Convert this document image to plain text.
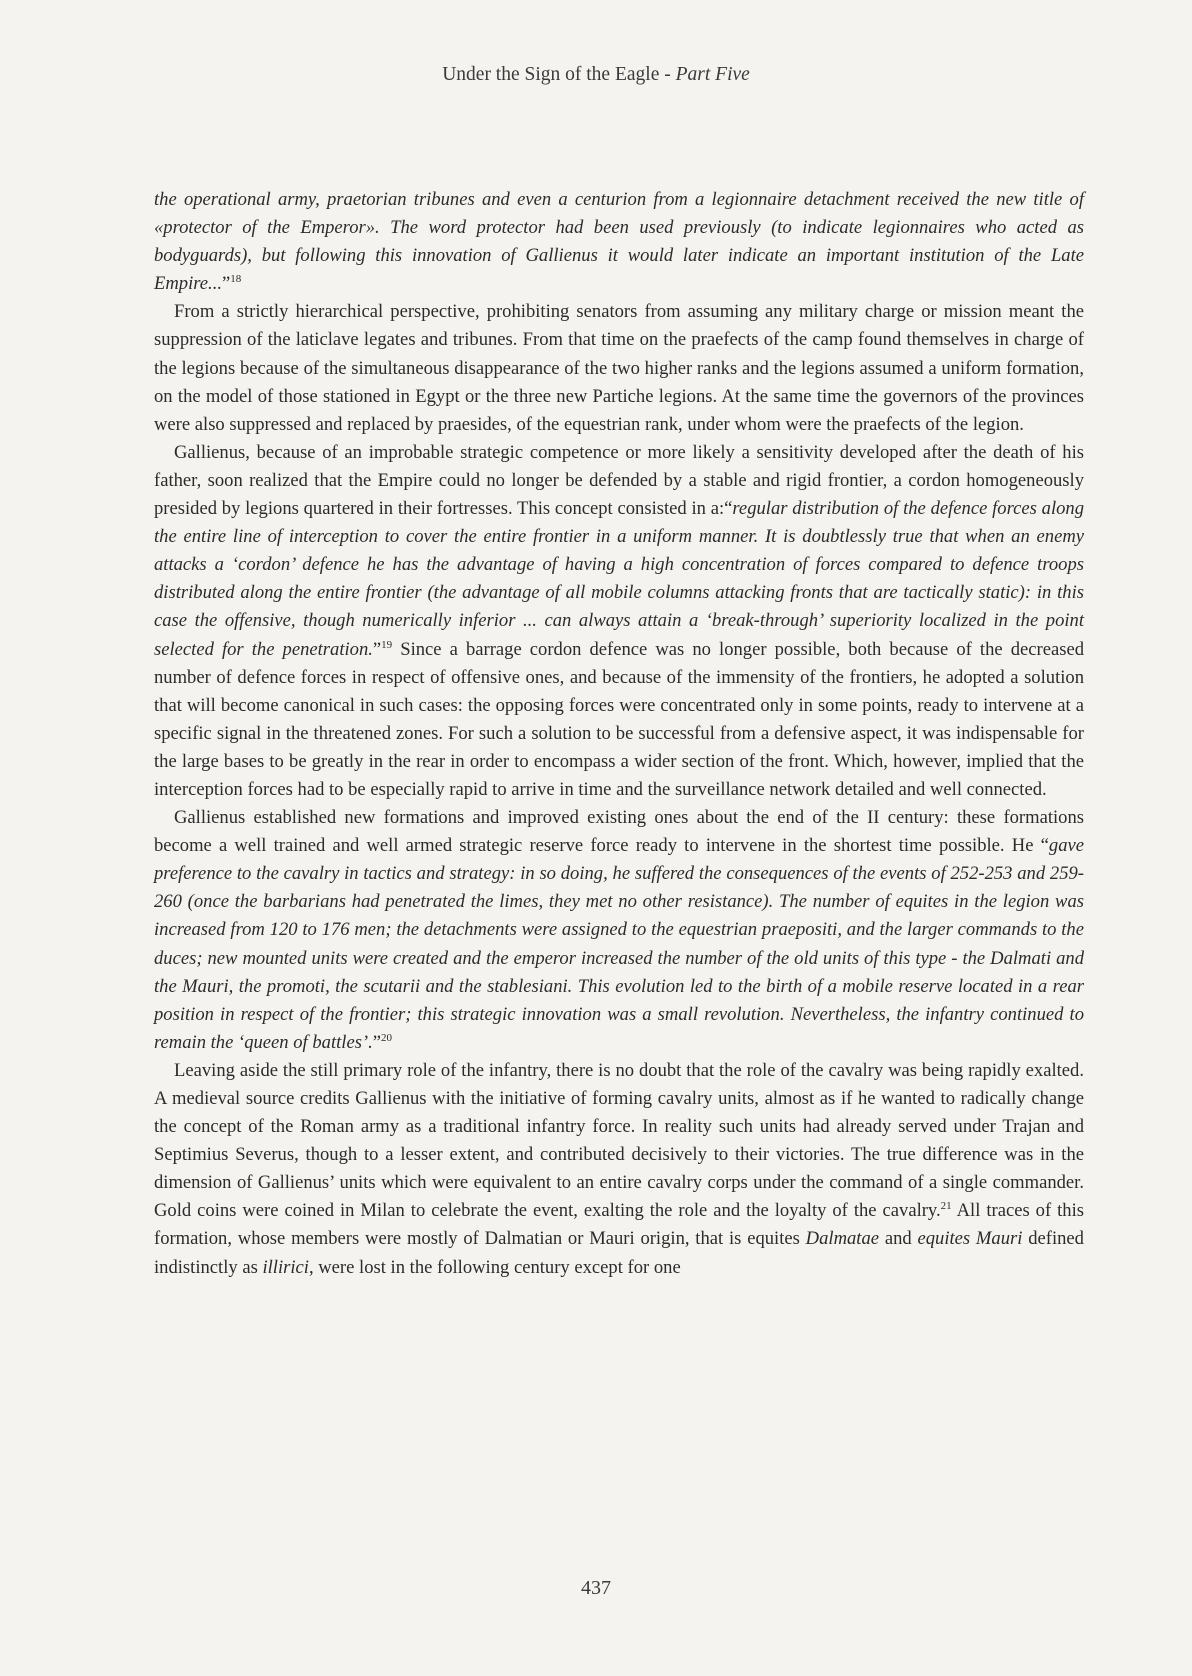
Under the Sign of the Eagle - Part Five

the operational army, praetorian tribunes and even a centurion from a legionnaire detachment received the new title of «protector of the Emperor». The word protector had been used previously (to indicate legionnaires who acted as bodyguards), but following this innovation of Gallienus it would later indicate an important institution of the Late Empire...”$^{18}$

From a strictly hierarchical perspective, prohibiting senators from assuming any military charge or mission meant the suppression of the laticlave legates and tribunes. From that time on the praefects of the camp found themselves in charge of the legions because of the simultaneous disappearance of the two higher ranks and the legions assumed a uniform formation, on the model of those stationed in Egypt or the three new Partiche legions. At the same time the governors of the provinces were also suppressed and replaced by praesides, of the equestrian rank, under whom were the praefects of the legion.

Gallienus, because of an improbable strategic competence or more likely a sensitivity developed after the death of his father, soon realized that the Empire could no longer be defended by a stable and rigid frontier, a cordon homogeneously presided by legions quartered in their fortresses. This concept consisted in a:“regular distribution of the defence forces along the entire line of interception to cover the entire frontier in a uniform manner. It is doubtlessly true that when an enemy attacks a ‘cordon’ defence he has the advantage of having a high concentration of forces compared to defence troops distributed along the entire frontier (the advantage of all mobile columns attacking fronts that are tactically static): in this case the offensive, though numerically inferior ... can always attain a ‘break-through’ superiority localized in the point selected for the penetration.”$^{19}$ Since a barrage cordon defence was no longer possible, both because of the decreased number of defence forces in respect of offensive ones, and because of the immensity of the frontiers, he adopted a solution that will become canonical in such cases: the opposing forces were concentrated only in some points, ready to intervene at a specific signal in the threatened zones. For such a solution to be successful from a defensive aspect, it was indispensable for the large bases to be greatly in the rear in order to encompass a wider section of the front. Which, however, implied that the interception forces had to be especially rapid to arrive in time and the surveillance network detailed and well connected.

Gallienus established new formations and improved existing ones about the end of the II century: these formations become a well trained and well armed strategic reserve force ready to intervene in the shortest time possible. He “gave preference to the cavalry in tactics and strategy: in so doing, he suffered the consequences of the events of 252-253 and 259-260 (once the barbarians had penetrated the limes, they met no other resistance). The number of equites in the legion was increased from 120 to 176 men; the detachments were assigned to the equestrian praepositi, and the larger commands to the duces; new mounted units were created and the emperor increased the number of the old units of this type - the Dalmati and the Mauri, the promoti, the scutarii and the stablesiani. This evolution led to the birth of a mobile reserve located in a rear position in respect of the frontier; this strategic innovation was a small revolution. Nevertheless, the infantry continued to remain the ‘queen of battles’.”$^{20}$

Leaving aside the still primary role of the infantry, there is no doubt that the role of the cavalry was being rapidly exalted. A medieval source credits Gallienus with the initiative of forming cavalry units, almost as if he wanted to radically change the concept of the Roman army as a traditional infantry force. In reality such units had already served under Trajan and Septimius Severus, though to a lesser extent, and contributed decisively to their victories. The true difference was in the dimension of Gallienus’ units which were equivalent to an entire cavalry corps under the command of a single commander. Gold coins were coined in Milan to celebrate the event, exalting the role and the loyalty of the cavalry.$^{21}$ All traces of this formation, whose members were mostly of Dalmatian or Mauri origin, that is equites Dalmatae and equites Mauri defined indistinctly as illirici, were lost in the following century except for one

437
